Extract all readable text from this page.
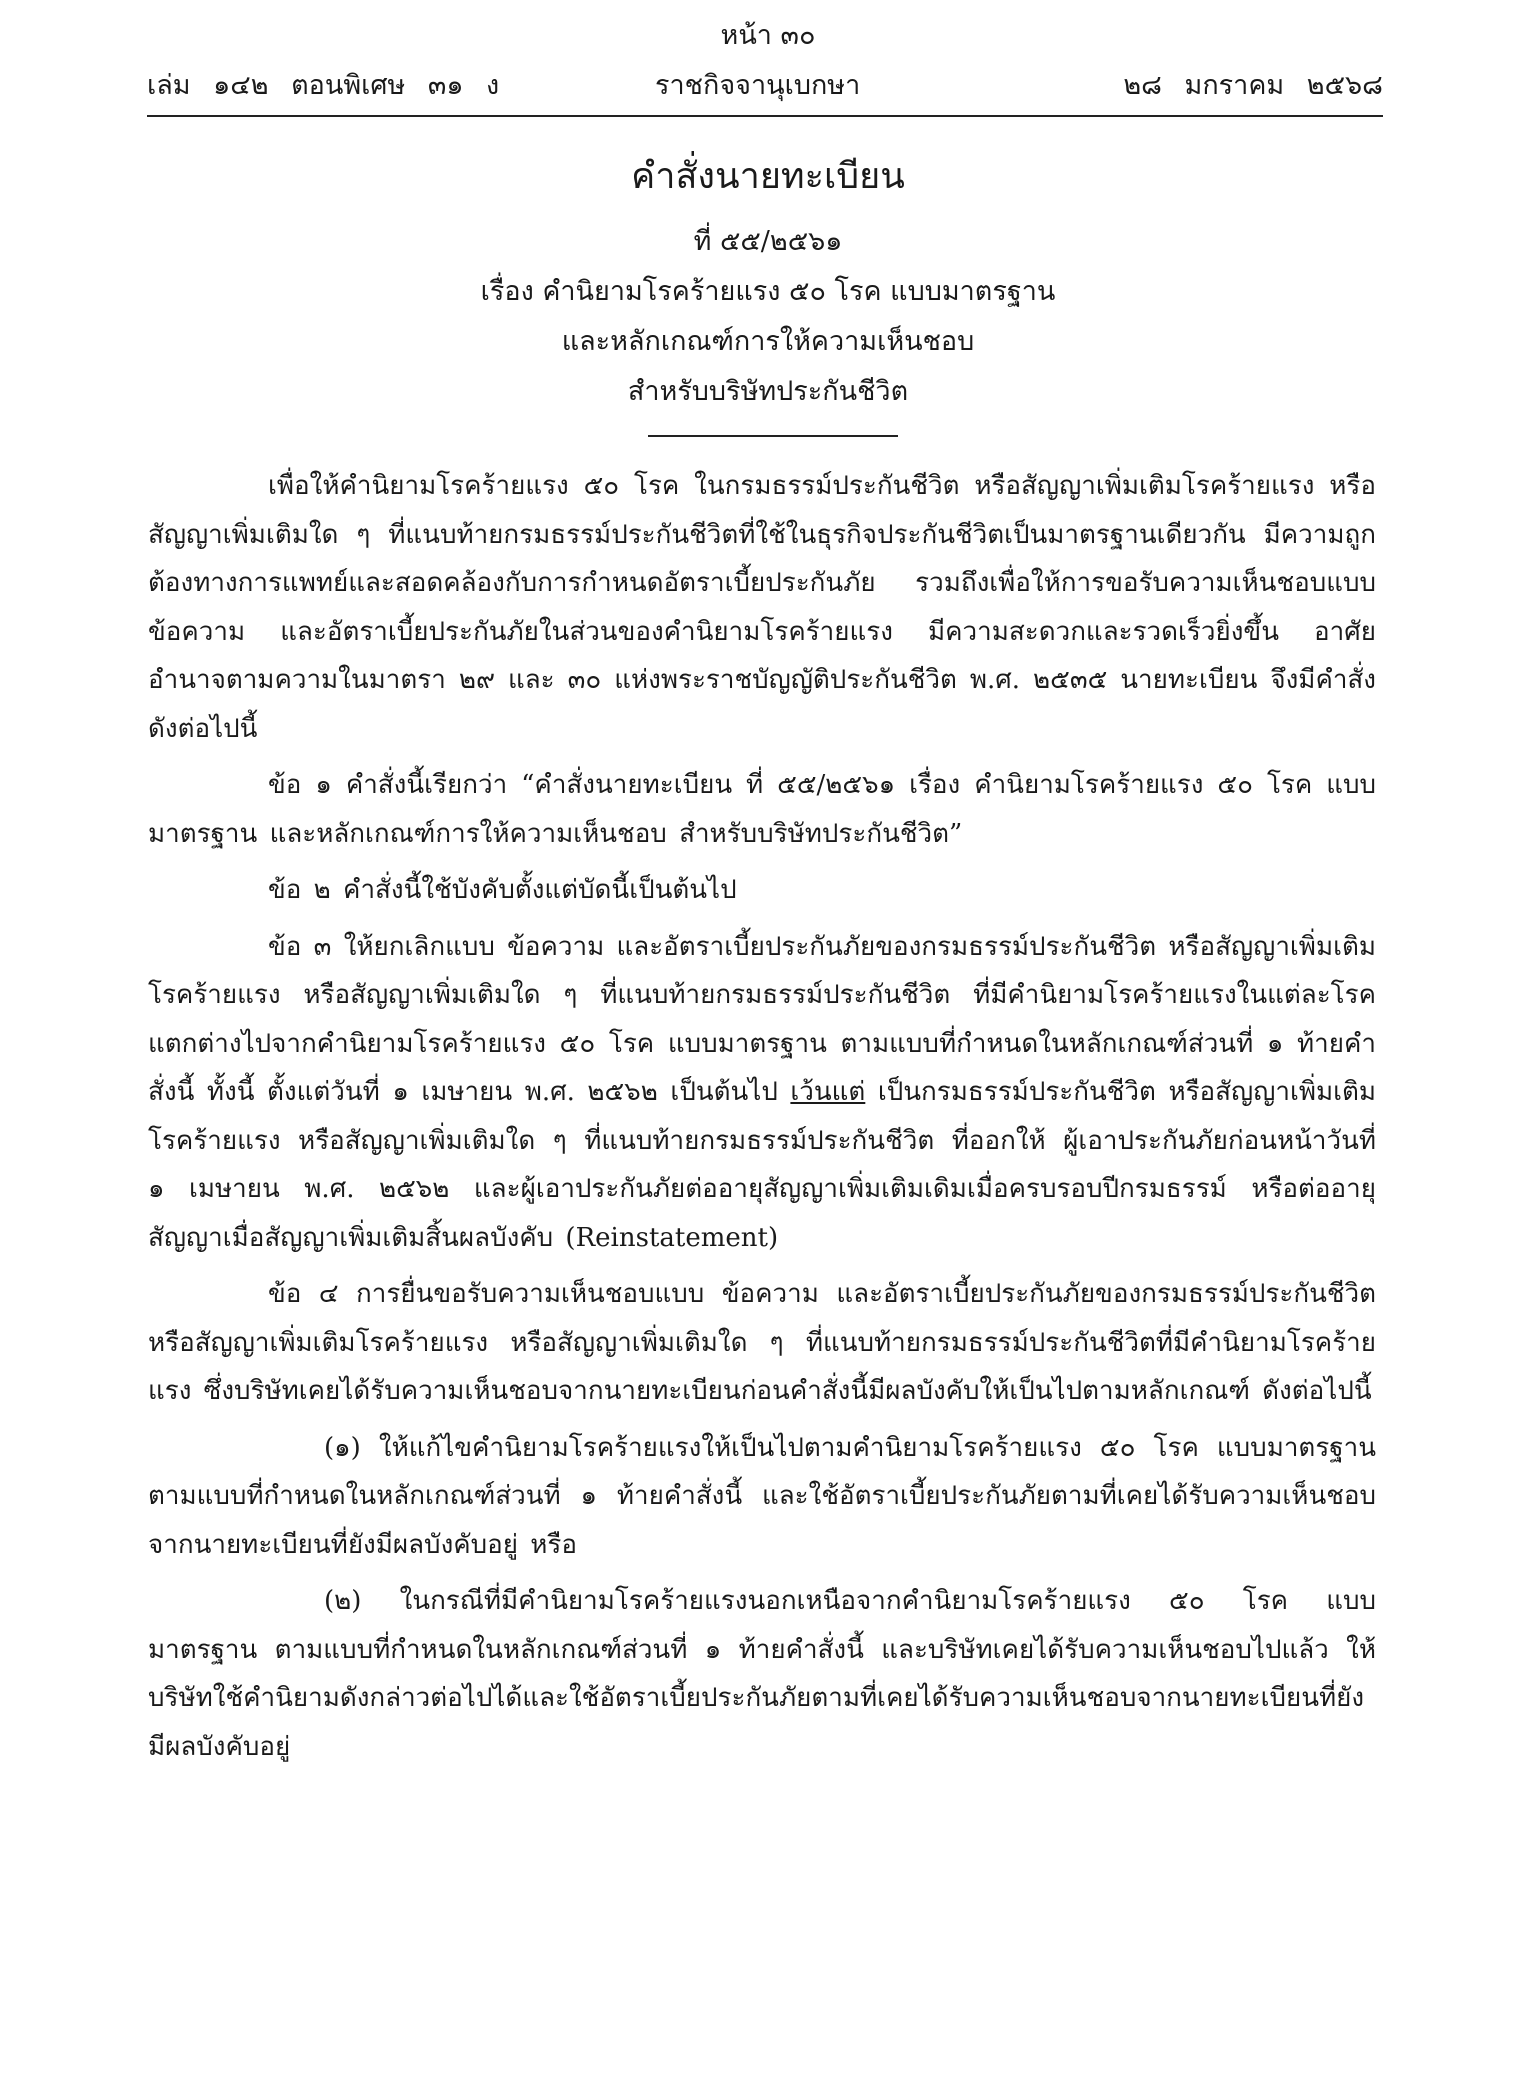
หน้า ๓๐
เล่ม ๑๔๒ ตอนพิเศษ ๓๑ ง	ราชกิจจานุเบกษา	๒๘ มกราคม ๒๕๖๘
คำสั่งนายทะเบียน
ที่ ๕๕/๒๕๖๑
เรื่อง คำนิยามโรคร้ายแรง ๕๐ โรค แบบมาตรฐาน
และหลักเกณฑ์การให้ความเห็นชอบ
สำหรับบริษัทประกันชีวิต

เพื่อให้คำนิยามโรคร้ายแรง ๕๐ โรค ในกรมธรรม์ประกันชีวิต หรือสัญญาเพิ่มเติมโรคร้ายแรง หรือสัญญาเพิ่มเติมใด ๆ ที่แนบท้ายกรมธรรม์ประกันชีวิตที่ใช้ในธุรกิจประกันชีวิตเป็นมาตรฐานเดียวกัน มีความถูกต้องทางการแพทย์และสอดคล้องกับการกำหนดอัตราเบี้ยประกันภัย รวมถึงเพื่อให้การขอรับความเห็นชอบแบบ ข้อความ และอัตราเบี้ยประกันภัยในส่วนของคำนิยามโรคร้ายแรง มีความสะดวกและรวดเร็วยิ่งขึ้น อาศัยอำนาจตามความในมาตรา ๒๙ และ ๓๐ แห่งพระราชบัญญัติประกันชีวิต พ.ศ. ๒๕๓๕ นายทะเบียน จึงมีคำสั่ง ดังต่อไปนี้

ข้อ ๑ คำสั่งนี้เรียกว่า “คำสั่งนายทะเบียน ที่ ๕๕/๒๕๖๑ เรื่อง คำนิยามโรคร้ายแรง ๕๐ โรค แบบมาตรฐาน และหลักเกณฑ์การให้ความเห็นชอบ สำหรับบริษัทประกันชีวิต”

ข้อ ๒ คำสั่งนี้ใช้บังคับตั้งแต่บัดนี้เป็นต้นไป

ข้อ ๓ ให้ยกเลิกแบบ ข้อความ และอัตราเบี้ยประกันภัยของกรมธรรม์ประกันชีวิต หรือสัญญาเพิ่มเติมโรคร้ายแรง หรือสัญญาเพิ่มเติมใด ๆ ที่แนบท้ายกรมธรรม์ประกันชีวิต ที่มีคำนิยามโรคร้ายแรงในแต่ละโรคแตกต่างไปจากคำนิยามโรคร้ายแรง ๕๐ โรค แบบมาตรฐาน ตามแบบที่กำหนดในหลักเกณฑ์ส่วนที่ ๑ ท้ายคำสั่งนี้ ทั้งนี้ ตั้งแต่วันที่ ๑ เมษายน พ.ศ. ๒๕๖๒ เป็นต้นไป เว้นแต่ เป็นกรมธรรม์ประกันชีวิต หรือสัญญาเพิ่มเติมโรคร้ายแรง หรือสัญญาเพิ่มเติมใด ๆ ที่แนบท้ายกรมธรรม์ประกันชีวิต ที่ออกให้ ผู้เอาประกันภัยก่อนหน้าวันที่ ๑ เมษายน พ.ศ. ๒๕๖๒ และผู้เอาประกันภัยต่ออายุสัญญาเพิ่มเติมเดิมเมื่อครบรอบปีกรมธรรม์ หรือต่ออายุสัญญาเมื่อสัญญาเพิ่มเติมสิ้นผลบังคับ (Reinstatement)

ข้อ ๔ การยื่นขอรับความเห็นชอบแบบ ข้อความ และอัตราเบี้ยประกันภัยของกรมธรรม์ประกันชีวิต หรือสัญญาเพิ่มเติมโรคร้ายแรง หรือสัญญาเพิ่มเติมใด ๆ ที่แนบท้ายกรมธรรม์ประกันชีวิตที่มีคำนิยามโรคร้ายแรง ซึ่งบริษัทเคยได้รับความเห็นชอบจากนายทะเบียนก่อนคำสั่งนี้มีผลบังคับให้เป็นไปตามหลักเกณฑ์ ดังต่อไปนี้

(๑) ให้แก้ไขคำนิยามโรคร้ายแรงให้เป็นไปตามคำนิยามโรคร้ายแรง ๕๐ โรค แบบมาตรฐาน ตามแบบที่กำหนดในหลักเกณฑ์ส่วนที่ ๑ ท้ายคำสั่งนี้ และใช้อัตราเบี้ยประกันภัยตามที่เคยได้รับความเห็นชอบจากนายทะเบียนที่ยังมีผลบังคับอยู่ หรือ

(๒) ในกรณีที่มีคำนิยามโรคร้ายแรงนอกเหนือจากคำนิยามโรคร้ายแรง ๕๐ โรค แบบมาตรฐาน ตามแบบที่กำหนดในหลักเกณฑ์ส่วนที่ ๑ ท้ายคำสั่งนี้ และบริษัทเคยได้รับความเห็นชอบไปแล้ว ให้บริษัทใช้คำนิยามดังกล่าวต่อไปได้และใช้อัตราเบี้ยประกันภัยตามที่เคยได้รับความเห็นชอบจากนายทะเบียนที่ยังมีผลบังคับอยู่
